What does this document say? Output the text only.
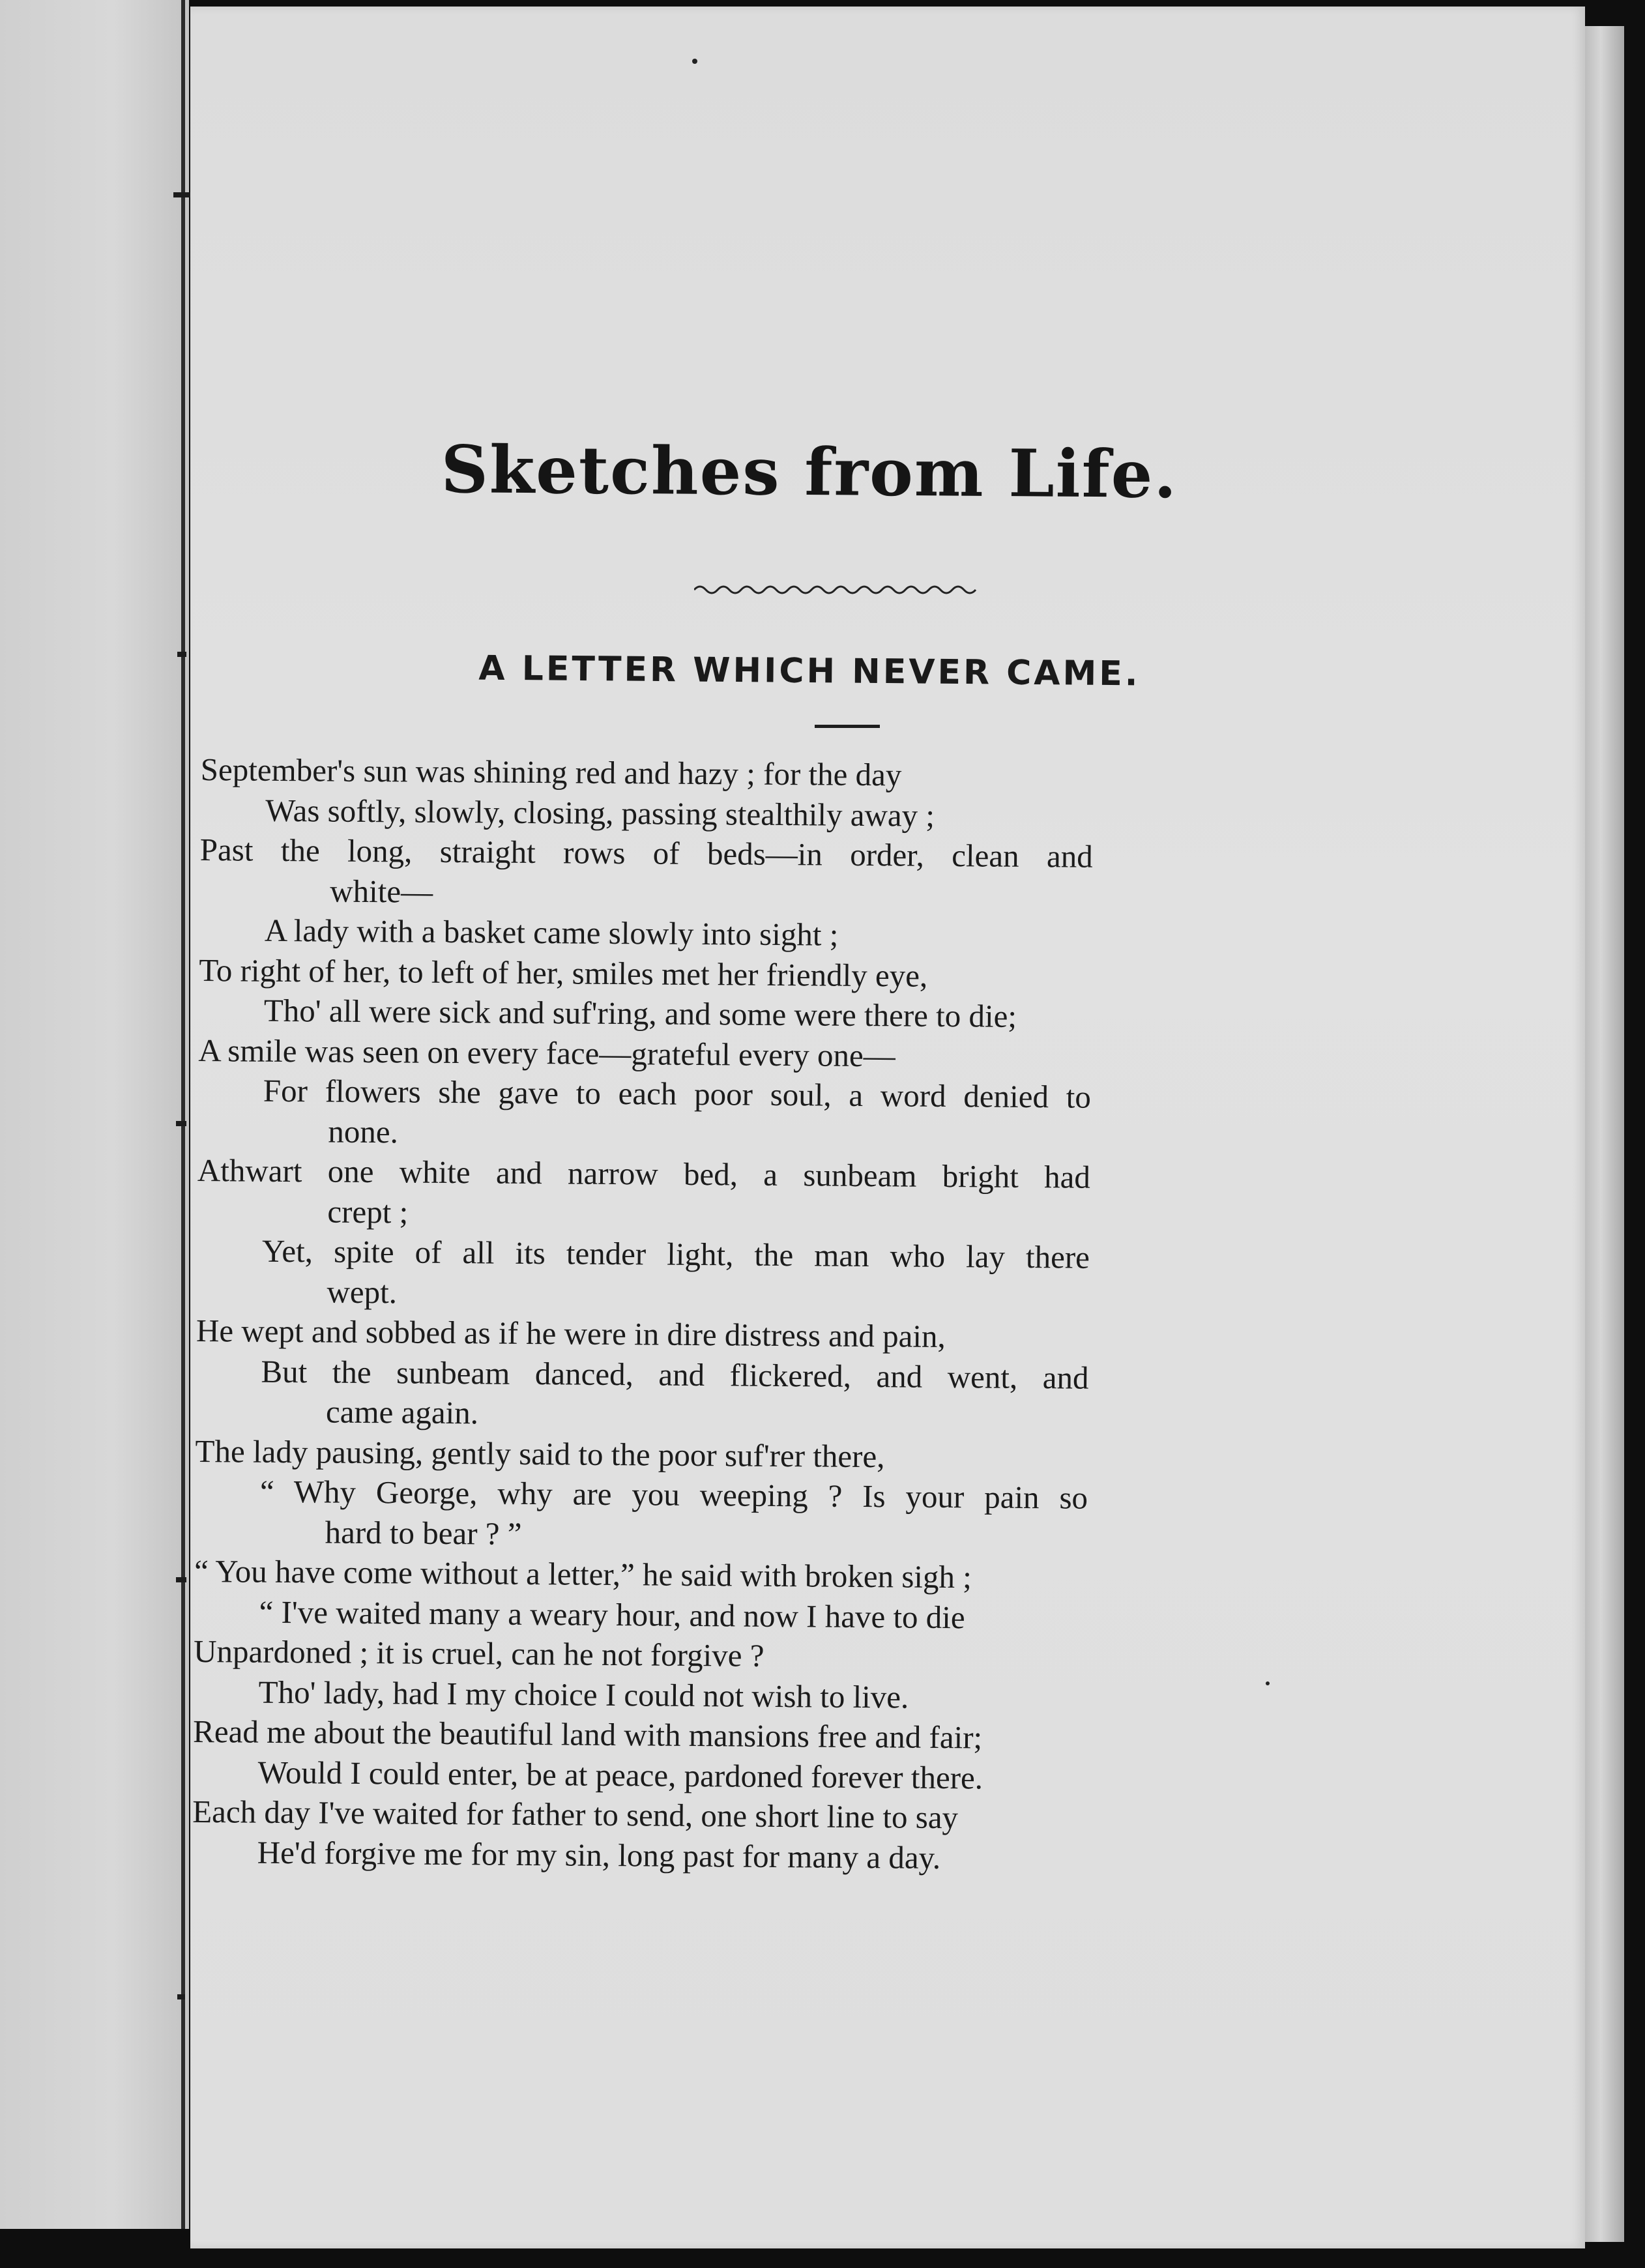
Sketches from Life.
A LETTER WHICH NEVER CAME.
September's sun was shining red and hazy ; for the day
Was softly, slowly, closing, passing stealthily away ;
Past the long, straight rows of beds—in order, clean and
white—
A lady with a basket came slowly into sight ;
To right of her, to left of her, smiles met her friendly eye,
Tho' all were sick and suf'ring, and some were there to die;
A smile was seen on every face—grateful every one—
For flowers she gave to each poor soul, a word denied to
none.
Athwart one white and narrow bed, a sunbeam bright had
crept ;
Yet, spite of all its tender light, the man who lay there
wept.
He wept and sobbed as if he were in dire distress and pain,
But the sunbeam danced, and flickered, and went, and
came again.
The lady pausing, gently said to the poor suf'rer there,
“ Why George, why are you weeping ? Is your pain so
hard to bear ? ”
“ You have come without a letter,” he said with broken sigh ;
“ I've waited many a weary hour, and now I have to die
Unpardoned ; it is cruel, can he not forgive ?
Tho' lady, had I my choice I could not wish to live.
Read me about the beautiful land with mansions free and fair;
Would I could enter, be at peace, pardoned forever there.
Each day I've waited for father to send, one short line to say
He'd forgive me for my sin, long past for many a day.
